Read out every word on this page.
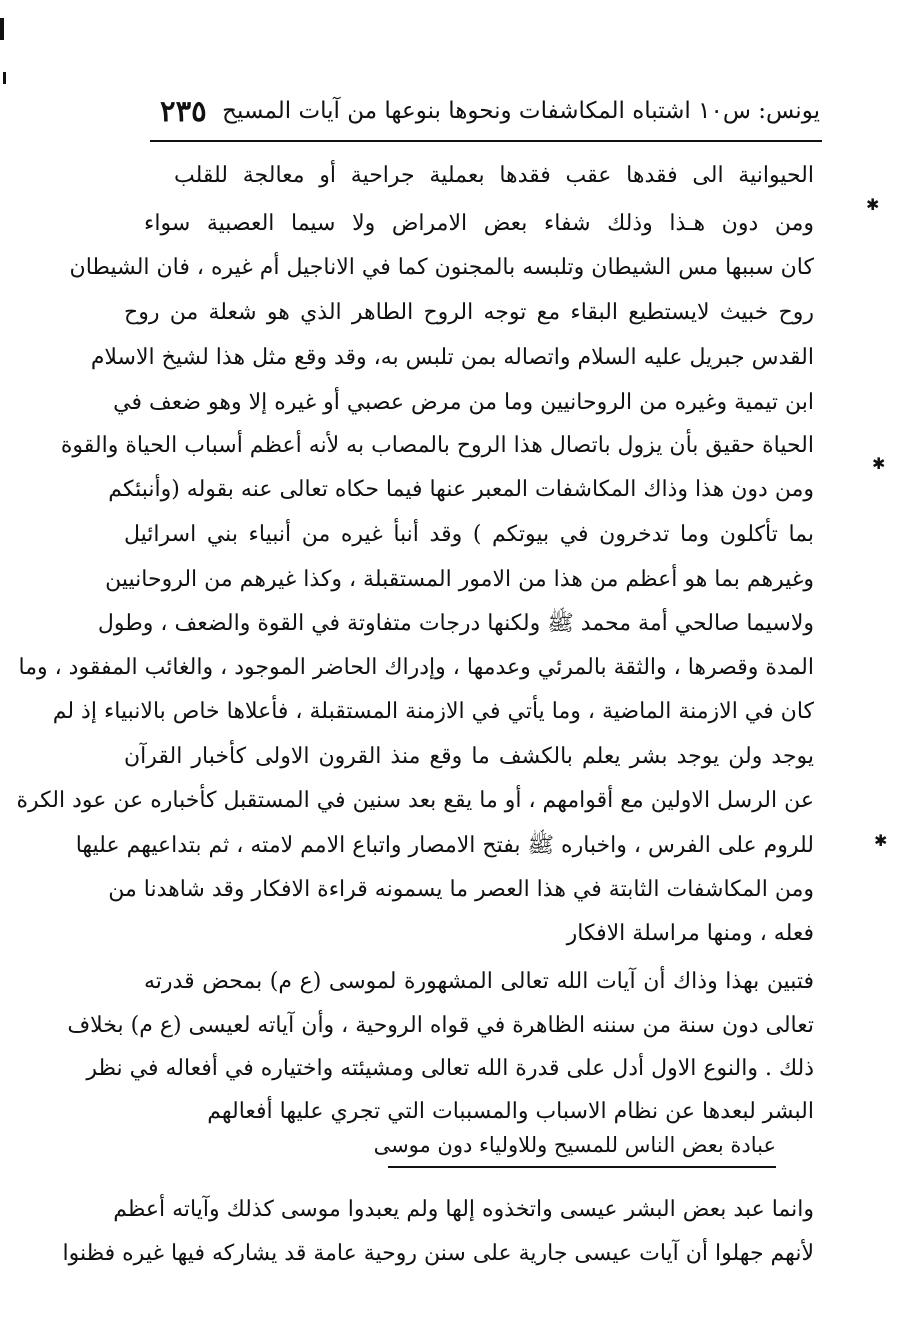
يونس: س١٠ اشتباه المكاشفات ونحوها بنوعها من آيات المسيح
٢٣٥
الحيوانية الى فقدها عقب فقدها بعملية جراحية أو معالجة للقلب
ومن دون هـذا وذلك شفاء بعض الامراض ولا سيما العصبية سواء
كان سببها مس الشيطان وتلبسه بالمجنون كما في الاناجيل أم غيره ، فان الشيطان
روح خبيث لايستطيع البقاء مع توجه الروح الطاهر الذي هو شعلة من روح
القدس جبريل عليه السلام واتصاله بمن تلبس به، وقد وقع مثل هذا لشيخ الاسلام
ابن تيمية وغيره من الروحانيين وما من مرض عصبي أو غيره إلا وهو ضعف في
الحياة حقيق بأن يزول باتصال هذا الروح بالمصاب به لأنه أعظم أسباب الحياة والقوة
ومن دون هذا وذاك المكاشفات المعبر عنها فيما حكاه تعالى عنه بقوله (وأنبئكم
بما تأكلون وما تدخرون في بيوتكم ) وقد أنبأ غيره من أنبياء بني اسرائيل
وغيرهم بما هو أعظم من هذا من الامور المستقبلة ، وكذا غيرهم من الروحانيين
ولاسيما صالحي أمة محمد ﷺ ولكنها درجات متفاوتة في القوة والضعف ، وطول
المدة وقصرها ، والثقة بالمرئي وعدمها ، وإدراك الحاضر الموجود ، والغائب المفقود ، وما
كان في الازمنة الماضية ، وما يأتي في الازمنة المستقبلة ، فأعلاها خاص بالانبياء إذ لم
يوجد ولن يوجد بشر يعلم بالكشف ما وقع منذ القرون الاولى كأخبار القرآن
عن الرسل الاولين مع أقوامهم ، أو ما يقع بعد سنين في المستقبل كأخباره عن عود الكرة
للروم على الفرس ، واخباره ﷺ بفتح الامصار واتباع الامم لامته ، ثم بتداعيهم عليها
ومن المكاشفات الثابتة في هذا العصر ما يسمونه قراءة الافكار وقد شاهدنا من
فعله ، ومنها مراسلة الافكار
فتبين بهذا وذاك أن آيات الله تعالى المشهورة لموسى (ع م) بمحض قدرته
تعالى دون سنة من سننه الظاهرة في قواه الروحية ، وأن آياته لعيسى (ع م) بخلاف
ذلك . والنوع الاول أدل على قدرة الله تعالى ومشيئته واختياره في أفعاله في نظر
البشر لبعدها عن نظام الاسباب والمسببات التي تجري عليها أفعالهم
عبادة بعض الناس للمسيح وللاولياء دون موسى
وانما عبد بعض البشر عيسى واتخذوه إلها ولم يعبدوا موسى كذلك وآياته أعظم
لأنهم جهلوا أن آيات عيسى جارية على سنن روحية عامة قد يشاركه فيها غيره فظنوا
✱
✱
✱
